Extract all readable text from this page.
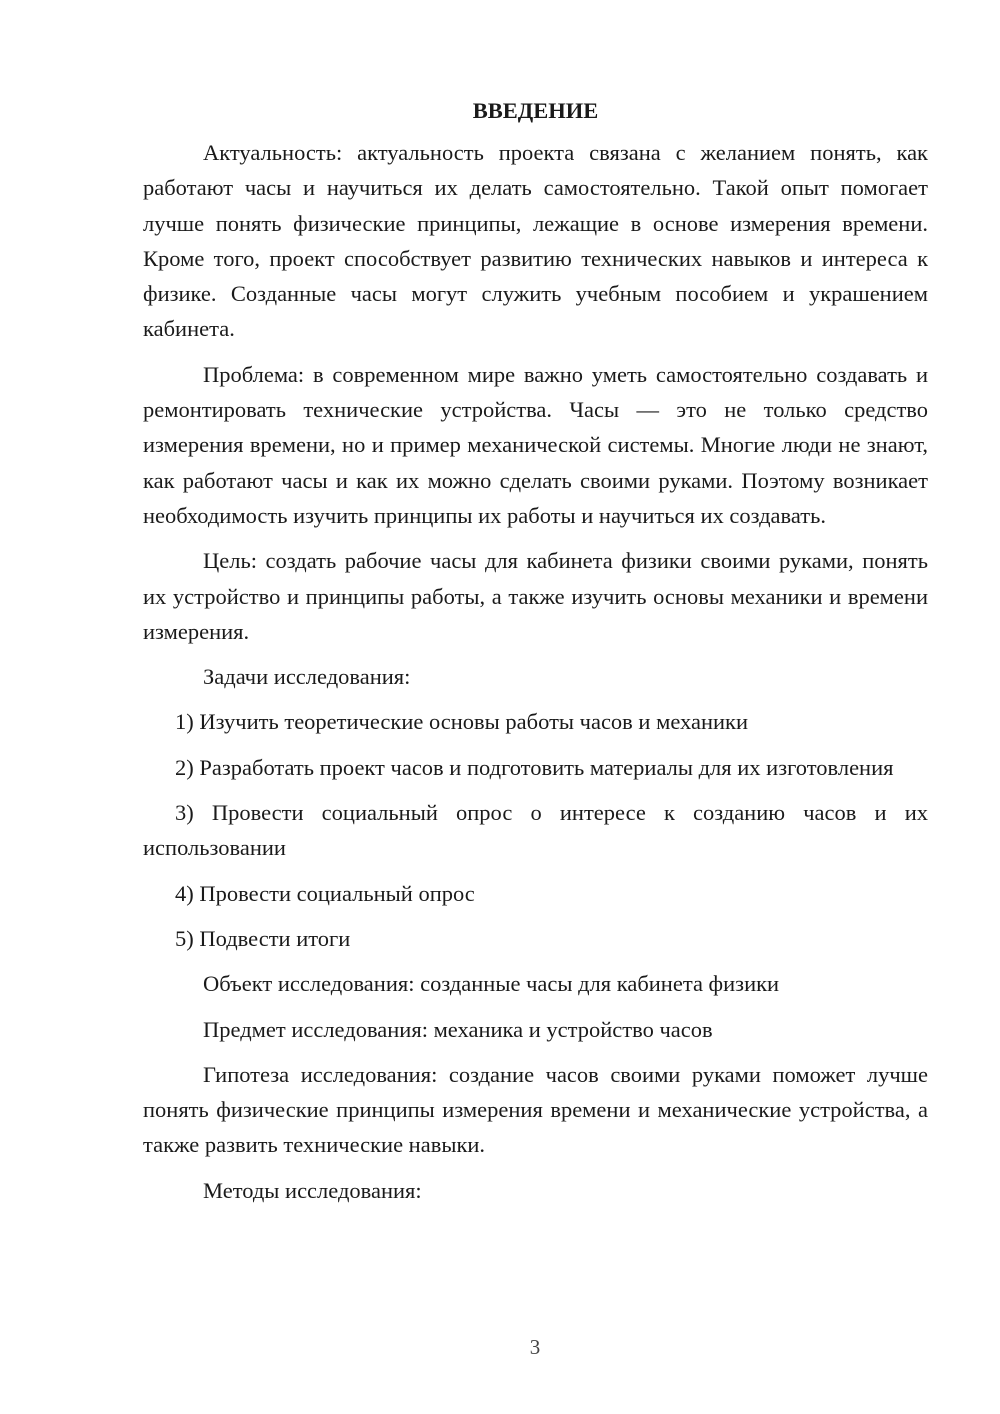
ВВЕДЕНИЕ

Актуальность: актуальность проекта связана с желанием понять, как работают часы и научиться их делать самостоятельно. Такой опыт помогает лучше понять физические принципы, лежащие в основе измерения времени. Кроме того, проект способствует развитию технических навыков и интереса к физике. Созданные часы могут служить учебным пособием и украшением кабинета.

Проблема: в современном мире важно уметь самостоятельно создавать и ремонтировать технические устройства. Часы — это не только средство измерения времени, но и пример механической системы. Многие люди не знают, как работают часы и как их можно сделать своими руками. Поэтому возникает необходимость изучить принципы их работы и научиться их создавать.

Цель: создать рабочие часы для кабинета физики своими руками, понять их устройство и принципы работы, а также изучить основы механики и времени измерения.

Задачи исследования:

1) Изучить теоретические основы работы часов и механики

2) Разработать проект часов и подготовить материалы для их изготовления

3) Провести социальный опрос о интересе к созданию часов и их использовании

4) Провести социальный опрос

5) Подвести итоги

Объект исследования: созданные часы для кабинета физики

Предмет исследования: механика и устройство часов

Гипотеза исследования: создание часов своими руками поможет лучше понять физические принципы измерения времени и механические устройства, а также развить технические навыки.

Методы исследования:

3
